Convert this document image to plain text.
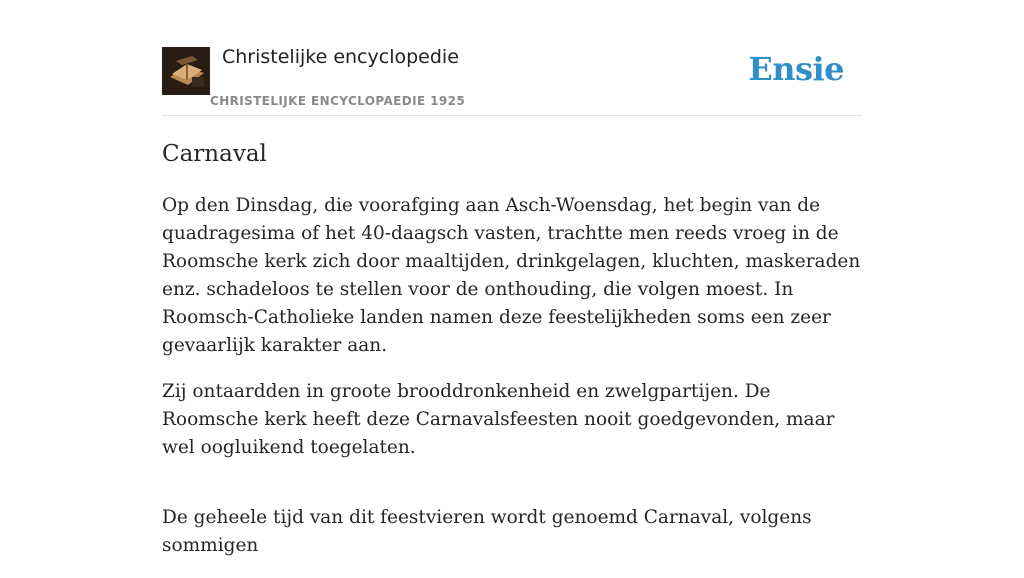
Christelijke encyclopedie
CHRISTELIJKE ENCYCLOPAEDIE 1925
Ensie
Carnaval

Op den Dinsdag, die voorafging aan Asch-Woensdag, het begin van de quadragesima of het 40-daagsch vasten, trachtte men reeds vroeg in de Roomsche kerk zich door maaltijden, drinkgelagen, kluchten, maskeraden enz. schadeloos te stellen voor de onthouding, die volgen moest. In Roomsch-Catholieke landen namen deze feestelijkheden soms een zeer gevaarlijk karakter aan.

Zij ontaardden in groote brooddronkenheid en zwelgpartijen. De Roomsche kerk heeft deze Carnavalsfeesten nooit goedgevonden, maar wel oogluikend toegelaten.

De geheele tijd van dit feestvieren wordt genoemd Carnaval, volgens sommigen
